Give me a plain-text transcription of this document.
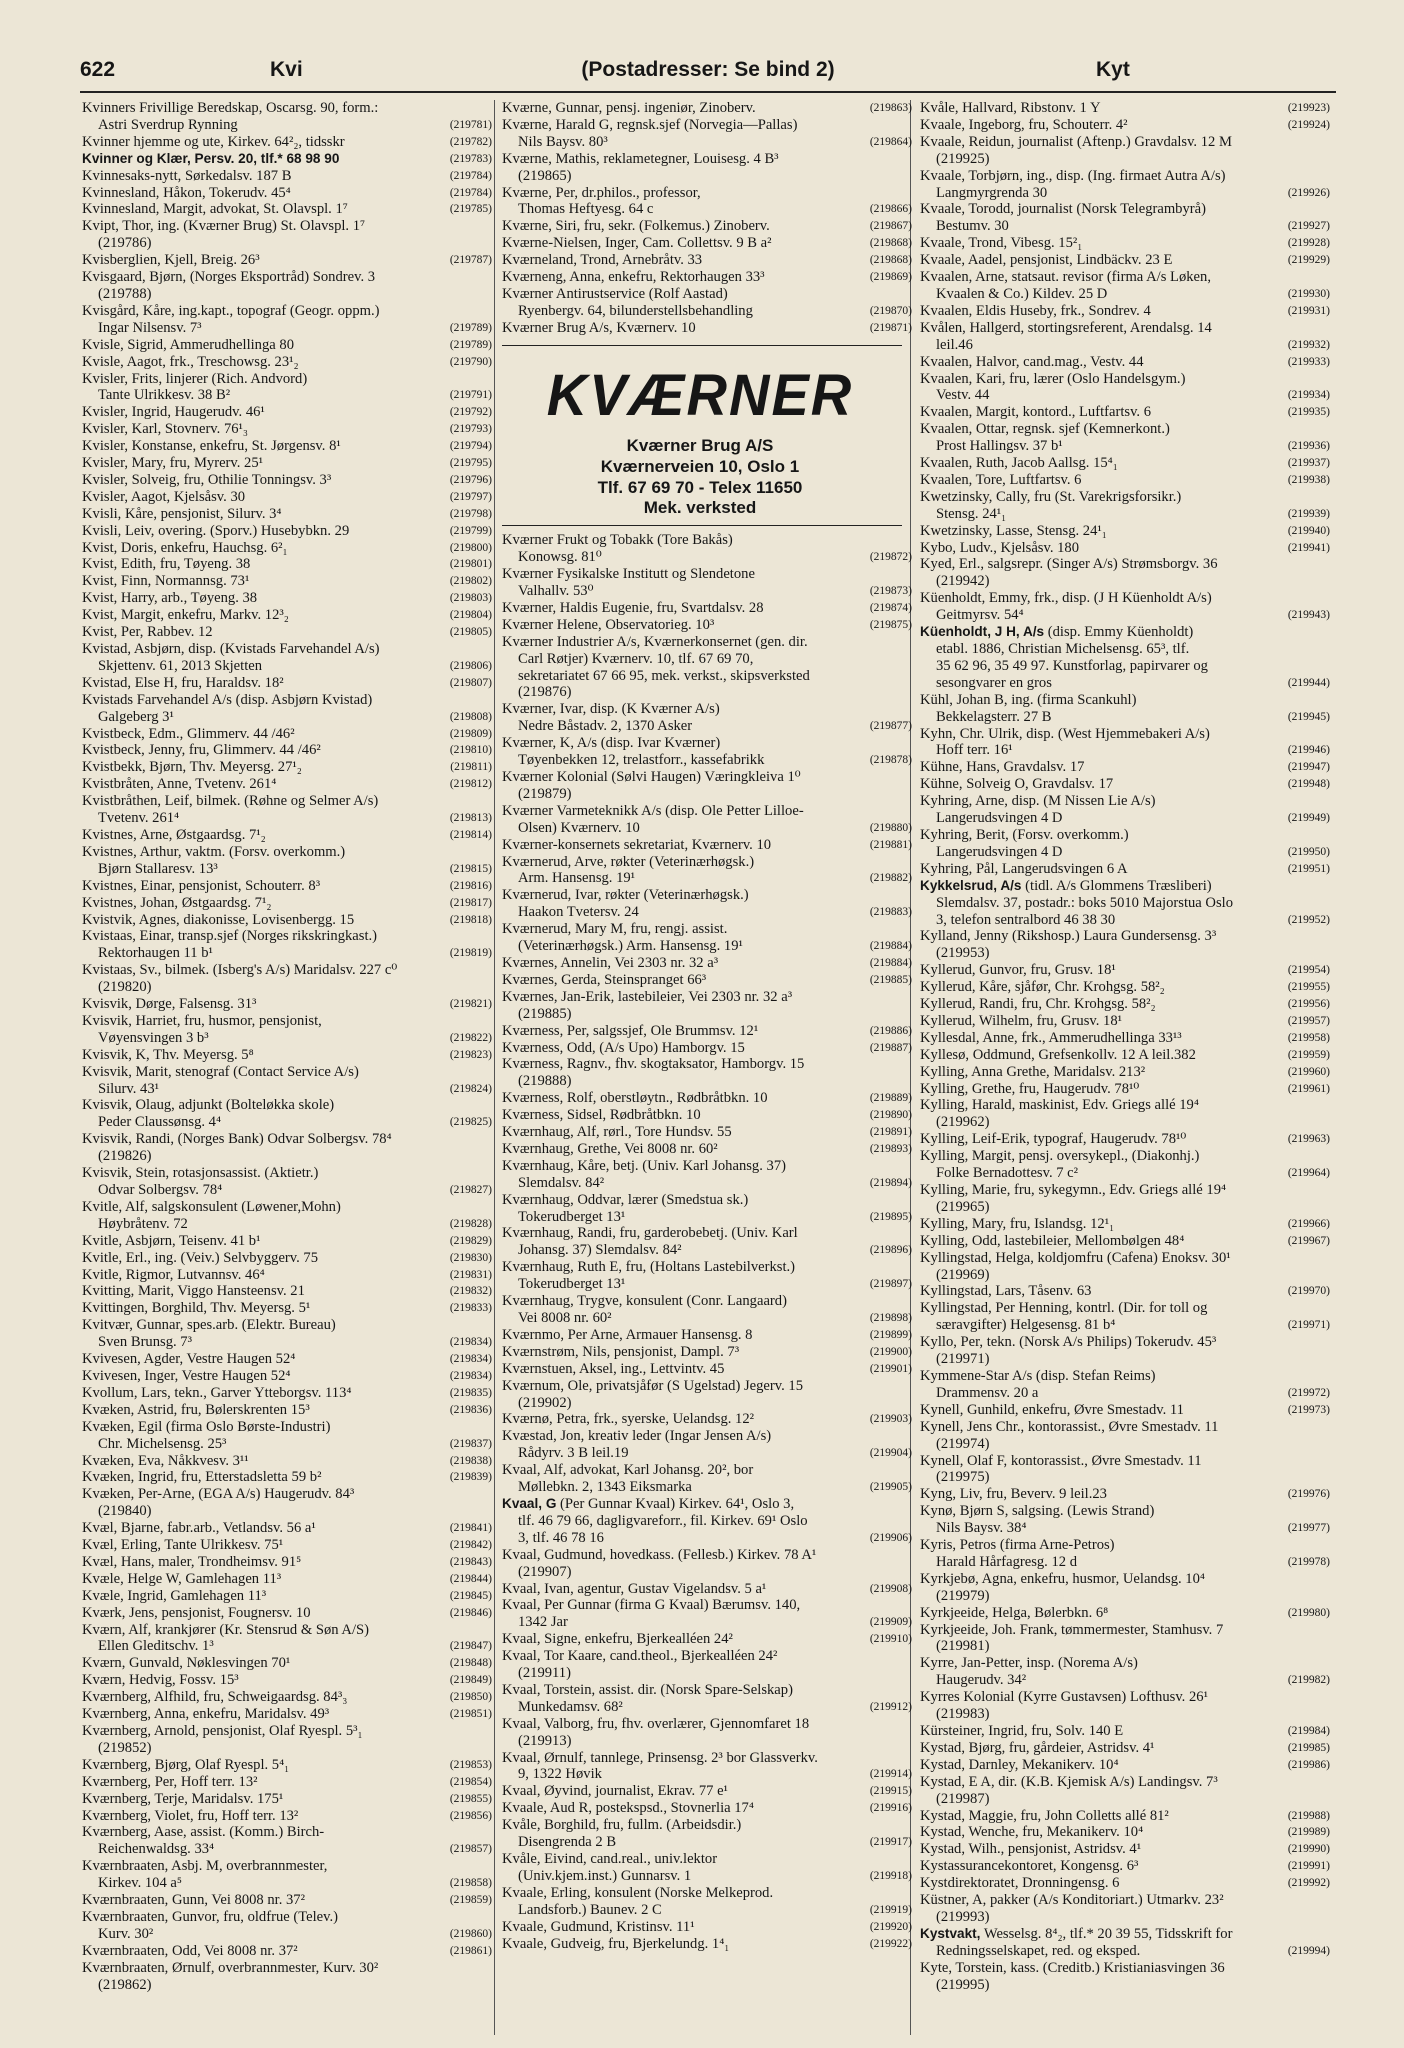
622	Kvi	(Postadresser: Se bind 2)	Kyt
Kvinners Frivillige Beredskap, Oscarsg. 90, form.:
Astri Sverdrup Rynning	(219781)
Kvinner hjemme og ute, Kirkev. 64²₂, tidsskr	(219782)
Kvinner og Klær, Persv. 20, tlf.* 68 98 90	(219783)
Kvinnesaks-nytt, Sørkedalsv. 187 B	(219784)
Kvinnesland, Håkon, Tokerudv. 45⁴	(219784)
Kvinnesland, Margit, advokat, St. Olavspl. 1⁷	(219785)
Kvipt, Thor, ing. (Kværner Brug) St. Olavspl. 1⁷
(219786)
Kvisberglien, Kjell, Breig. 26³	(219787)
Kvisgaard, Bjørn, (Norges Eksportråd) Sondrev. 3
(219788)
Kvisgård, Kåre, ing.kapt., topograf (Geogr. oppm.)
Ingar Nilsensv. 7³	(219789)
Kvisle, Sigrid, Ammerudhellinga 80	(219789)
Kvisle, Aagot, frk., Treschowsg. 23¹₂	(219790)
Kvisler, Frits, linjerer (Rich. Andvord)
Tante Ulrikkesv. 38 B²	(219791)
Kvisler, Ingrid, Haugerudv. 46¹	(219792)
Kvisler, Karl, Stovnerv. 76¹₃	(219793)
Kvisler, Konstanse, enkefru, St. Jørgensv. 8¹	(219794)
Kvisler, Mary, fru, Myrerv. 25¹	(219795)
Kvisler, Solveig, fru, Othilie Tonningsv. 3³	(219796)
Kvisler, Aagot, Kjelsåsv. 30	(219797)
Kvisli, Kåre, pensjonist, Silurv. 3⁴	(219798)
Kvisli, Leiv, overing. (Sporv.) Husebybkn. 29	(219799)
Kvist, Doris, enkefru, Hauchsg. 6²₁	(219800)
Kvist, Edith, fru, Tøyeng. 38	(219801)
Kvist, Finn, Normannsg. 73¹	(219802)
Kvist, Harry, arb., Tøyeng. 38	(219803)
Kvist, Margit, enkefru, Markv. 12³₂	(219804)
Kvist, Per, Rabbev. 12	(219805)
Kvistad, Asbjørn, disp. (Kvistads Farvehandel A/s)
Skjettenv. 61, 2013 Skjetten	(219806)
Kvistad, Else H, fru, Haraldsv. 18²	(219807)
Kvistads Farvehandel A/s (disp. Asbjørn Kvistad)
Galgeberg 3¹	(219808)
Kvistbeck, Edm., Glimmerv. 44 /46²	(219809)
Kvistbeck, Jenny, fru, Glimmerv. 44 /46²	(219810)
Kvistbekk, Bjørn, Thv. Meyersg. 27¹₂	(219811)
Kvistbråten, Anne, Tvetenv. 261⁴	(219812)
Kvistbråthen, Leif, bilmek. (Røhne og Selmer A/s)
Tvetenv. 261⁴	(219813)
Kvistnes, Arne, Østgaardsg. 7¹₂	(219814)
Kvistnes, Arthur, vaktm. (Forsv. overkomm.)
Bjørn Stallaresv. 13³	(219815)
Kvistnes, Einar, pensjonist, Schouterr. 8³	(219816)
Kvistnes, Johan, Østgaardsg. 7¹₂	(219817)
Kvistvik, Agnes, diakonisse, Lovisenbergg. 15	(219818)
Kvistaas, Einar, transp.sjef (Norges rikskringkast.)
Rektorhaugen 11 b¹	(219819)
Kvistaas, Sv., bilmek. (Isberg's A/s) Maridalsv. 227 c⁰
(219820)
Kvisvik, Dørge, Falsensg. 31³	(219821)
Kvisvik, Harriet, fru, husmor, pensjonist,
Vøyensvingen 3 b³	(219822)
Kvisvik, K, Thv. Meyersg. 5⁸	(219823)
Kvisvik, Marit, stenograf (Contact Service A/s)
Silurv. 43¹	(219824)
Kvisvik, Olaug, adjunkt (Bolteløkka skole)
Peder Claussønsg. 4⁴	(219825)
Kvisvik, Randi, (Norges Bank) Odvar Solbergsv. 78⁴
(219826)
Kvisvik, Stein, rotasjonsassist. (Aktietr.)
Odvar Solbergsv. 78⁴	(219827)
Kvitle, Alf, salgskonsulent (Løwener,Mohn)
Høybråtenv. 72	(219828)
Kvitle, Asbjørn, Teisenv. 41 b¹	(219829)
Kvitle, Erl., ing. (Veiv.) Selvbyggerv. 75	(219830)
Kvitle, Rigmor, Lutvannsv. 46⁴	(219831)
Kvitting, Marit, Viggo Hansteensv. 21	(219832)
Kvittingen, Borghild, Thv. Meyersg. 5¹	(219833)
Kvitvær, Gunnar, spes.arb. (Elektr. Bureau)
Sven Brunsg. 7³	(219834)
Kvivesen, Agder, Vestre Haugen 52⁴	(219834)
Kvivesen, Inger, Vestre Haugen 52⁴	(219834)
Kvollum, Lars, tekn., Garver Ytteborgsv. 113⁴	(219835)
Kvæken, Astrid, fru, Bølerskrenten 15³	(219836)
Kvæken, Egil (firma Oslo Børste-Industri)
Chr. Michelsensg. 25³	(219837)
Kvæken, Eva, Nåkkvesv. 3¹¹	(219838)
Kvæken, Ingrid, fru, Etterstadsletta 59 b²	(219839)
Kvæken, Per-Arne, (EGA A/s) Haugerudv. 84³
(219840)
Kvæl, Bjarne, fabr.arb., Vetlandsv. 56 a¹	(219841)
Kvæl, Erling, Tante Ulrikkesv. 75¹	(219842)
Kvæl, Hans, maler, Trondheimsv. 91⁵	(219843)
Kvæle, Helge W, Gamlehagen 11³	(219844)
Kvæle, Ingrid, Gamlehagen 11³	(219845)
Kværk, Jens, pensjonist, Fougnersv. 10	(219846)
Kværn, Alf, krankjører (Kr. Stensrud & Søn A/S)
Ellen Gleditschv. 1³	(219847)
Kværn, Gunvald, Nøklesvingen 70¹	(219848)
Kværn, Hedvig, Fossv. 15³	(219849)
Kværnberg, Alfhild, fru, Schweigaardsg. 84³₃	(219850)
Kværnberg, Anna, enkefru, Maridalsv. 49³	(219851)
Kværnberg, Arnold, pensjonist, Olaf Ryespl. 5³₁
(219852)
Kværnberg, Bjørg, Olaf Ryespl. 5⁴₁	(219853)
Kværnberg, Per, Hoff terr. 13²	(219854)
Kværnberg, Terje, Maridalsv. 175¹	(219855)
Kværnberg, Violet, fru, Hoff terr. 13²	(219856)
Kværnberg, Aase, assist. (Komm.) Birch-
Reichenwaldsg. 33⁴	(219857)
Kværnbraaten, Asbj. M, overbrannmester,
Kirkev. 104 a⁵	(219858)
Kværnbraaten, Gunn, Vei 8008 nr. 37²	(219859)
Kværnbraaten, Gunvor, fru, oldfrue (Telev.)
Kurv. 30²	(219860)
Kværnbraaten, Odd, Vei 8008 nr. 37²	(219861)
Kværnbraaten, Ørnulf, overbrannmester, Kurv. 30²
(219862)
Kværne, Gunnar, pensj. ingeniør, Zinoberv.	(219863)
Kværne, Harald G, regnsk.sjef (Norvegia—Pallas)
Nils Baysv. 80³	(219864)
Kværne, Mathis, reklametegner, Louisesg. 4 B³
(219865)
Kværne, Per, dr.philos., professor,
Thomas Heftyesg. 64 c	(219866)
Kværne, Siri, fru, sekr. (Folkemus.) Zinoberv.	(219867)
Kværne-Nielsen, Inger, Cam. Collettsv. 9 B a²	(219868)
Kværneland, Trond, Arnebråtv. 33	(219868)
Kværneng, Anna, enkefru, Rektorhaugen 33³	(219869)
Kværner Antirustservice (Rolf Aastad)
Ryenbergv. 64, bilunderstellsbehandling	(219870)
Kværner Brug A/s, Kværnerv. 10	(219871)
KVÆRNER
Kværner Brug A/S
Kværnerveien 10, Oslo 1
Tlf. 67 69 70 - Telex 11650
Mek. verksted
Kværner Frukt og Tobakk (Tore Bakås)
Konowsg. 81⁰	(219872)
Kværner Fysikalske Institutt og Slendetone
Valhallv. 53⁰	(219873)
Kværner, Haldis Eugenie, fru, Svartdalsv. 28	(219874)
Kværner Helene, Observatorieg. 10³	(219875)
Kværner Industrier A/s, Kværnerkonsernet (gen. dir.
Carl Røtjer) Kværnerv. 10, tlf. 67 69 70,
sekretariatet 67 66 95, mek. verkst., skipsverksted
(219876)
Kværner, Ivar, disp. (K Kværner A/s)
Nedre Båstadv. 2, 1370 Asker	(219877)
Kværner, K, A/s (disp. Ivar Kværner)
Tøyenbekken 12, trelastforr., kassefabrikk	(219878)
Kværner Kolonial (Sølvi Haugen) Væringkleiva 1⁰
(219879)
Kværner Varmeteknikk A/s (disp. Ole Petter Lilloe-
Olsen) Kværnerv. 10	(219880)
Kværner-konsernets sekretariat, Kværnerv. 10	(219881)
Kværnerud, Arve, røkter (Veterinærhøgsk.)
Arm. Hansensg. 19¹	(219882)
Kværnerud, Ivar, røkter (Veterinærhøgsk.)
Haakon Tvetersv. 24	(219883)
Kværnerud, Mary M, fru, rengj. assist.
(Veterinærhøgsk.) Arm. Hansensg. 19¹	(219884)
Kværnes, Annelin, Vei 2303 nr. 32 a³	(219884)
Kværnes, Gerda, Steinspranget 66³	(219885)
Kværnes, Jan-Erik, lastebileier, Vei 2303 nr. 32 a³
(219885)
Kværness, Per, salgssjef, Ole Brummsv. 12¹	(219886)
Kværness, Odd, (A/s Upo) Hamborgv. 15	(219887)
Kværness, Ragnv., fhv. skogtaksator, Hamborgv. 15
(219888)
Kværness, Rolf, oberstløytn., Rødbråtbkn. 10	(219889)
Kværness, Sidsel, Rødbråtbkn. 10	(219890)
Kværnhaug, Alf, rørl., Tore Hundsv. 55	(219891)
Kværnhaug, Grethe, Vei 8008 nr. 60²	(219893)
Kværnhaug, Kåre, betj. (Univ. Karl Johansg. 37)
Slemdalsv. 84²	(219894)
Kværnhaug, Oddvar, lærer (Smedstua sk.)
Tokerudberget 13¹	(219895)
Kværnhaug, Randi, fru, garderobebetj. (Univ. Karl
Johansg. 37) Slemdalsv. 84²	(219896)
Kværnhaug, Ruth E, fru, (Holtans Lastebilverkst.)
Tokerudberget 13¹	(219897)
Kværnhaug, Trygve, konsulent (Conr. Langaard)
Vei 8008 nr. 60²	(219898)
Kværnmo, Per Arne, Armauer Hansensg. 8	(219899)
Kværnstrøm, Nils, pensjonist, Dampl. 7³	(219900)
Kværnstuen, Aksel, ing., Lettvintv. 45	(219901)
Kværnum, Ole, privatsjåfør (S Ugelstad) Jegerv. 15
(219902)
Kværnø, Petra, frk., syerske, Uelandsg. 12²	(219903)
Kvæstad, Jon, kreativ leder (Ingar Jensen A/s)
Rådyrv. 3 B leil.19	(219904)
Kvaal, Alf, advokat, Karl Johansg. 20², bor
Møllebkn. 2, 1343 Eiksmarka	(219905)
Kvaal, G (Per Gunnar Kvaal) Kirkev. 64¹, Oslo 3,
tlf. 46 79 66, dagligvareforr., fil. Kirkev. 69¹ Oslo
3, tlf. 46 78 16	(219906)
Kvaal, Gudmund, hovedkass. (Fellesb.) Kirkev. 78 A¹
(219907)
Kvaal, Ivan, agentur, Gustav Vigelandsv. 5 a¹	(219908)
Kvaal, Per Gunnar (firma G Kvaal) Bærumsv. 140,
1342 Jar	(219909)
Kvaal, Signe, enkefru, Bjerkealléen 24²	(219910)
Kvaal, Tor Kaare, cand.theol., Bjerkealléen 24²
(219911)
Kvaal, Torstein, assist. dir. (Norsk Spare-Selskap)
Munkedamsv. 68²	(219912)
Kvaal, Valborg, fru, fhv. overlærer, Gjennomfaret 18
(219913)
Kvaal, Ørnulf, tannlege, Prinsensg. 2³ bor Glassverkv.
9, 1322 Høvik	(219914)
Kvaal, Øyvind, journalist, Ekrav. 77 e¹	(219915)
Kvaale, Aud R, postekspsd., Stovnerlia 17⁴	(219916)
Kvåle, Borghild, fru, fullm. (Arbeidsdir.)
Disengrenda 2 B	(219917)
Kvåle, Eivind, cand.real., univ.lektor
(Univ.kjem.inst.) Gunnarsv. 1	(219918)
Kvaale, Erling, konsulent (Norske Melkeprod.
Landsforb.) Baunev. 2 C	(219919)
Kvaale, Gudmund, Kristinsv. 11¹	(219920)
Kvaale, Gudveig, fru, Bjerkelundg. 1⁴₁	(219922)
Kvåle, Hallvard, Ribstonv. 1 Y	(219923)
Kvaale, Ingeborg, fru, Schouterr. 4²	(219924)
Kvaale, Reidun, journalist (Aftenp.) Gravdalsv. 12 M
(219925)
Kvaale, Torbjørn, ing., disp. (Ing. firmaet Autra A/s)
Langmyrgrenda 30	(219926)
Kvaale, Torodd, journalist (Norsk Telegrambyrå)
Bestumv. 30	(219927)
Kvaale, Trond, Vibesg. 15²₁	(219928)
Kvaale, Aadel, pensjonist, Lindbäckv. 23 E	(219929)
Kvaalen, Arne, statsaut. revisor (firma A/s Løken,
Kvaalen & Co.) Kildev. 25 D	(219930)
Kvaalen, Eldis Huseby, frk., Sondrev. 4	(219931)
Kvålen, Hallgerd, stortingsreferent, Arendalsg. 14
leil.46	(219932)
Kvaalen, Halvor, cand.mag., Vestv. 44	(219933)
Kvaalen, Kari, fru, lærer (Oslo Handelsgym.)
Vestv. 44	(219934)
Kvaalen, Margit, kontord., Luftfartsv. 6	(219935)
Kvaalen, Ottar, regnsk. sjef (Kemnerkont.)
Prost Hallingsv. 37 b¹	(219936)
Kvaalen, Ruth, Jacob Aallsg. 15⁴₁	(219937)
Kvaalen, Tore, Luftfartsv. 6	(219938)
Kwetzinsky, Cally, fru (St. Varekrigsforsikr.)
Stensg. 24¹₁	(219939)
Kwetzinsky, Lasse, Stensg. 24¹₁	(219940)
Kybo, Ludv., Kjelsåsv. 180	(219941)
Kyed, Erl., salgsrepr. (Singer A/s) Strømsborgv. 36
(219942)
Küenholdt, Emmy, frk., disp. (J H Küenholdt A/s)
Geitmyrsv. 54⁴	(219943)
Küenholdt, J H, A/s (disp. Emmy Küenholdt)
etabl. 1886, Christian Michelsensg. 65³, tlf.
35 62 96, 35 49 97. Kunstforlag, papirvarer og
sesongvarer en gros	(219944)
Kühl, Johan B, ing. (firma Scankuhl)
Bekkelagsterr. 27 B	(219945)
Kyhn, Chr. Ulrik, disp. (West Hjemmebakeri A/s)
Hoff terr. 16¹	(219946)
Kühne, Hans, Gravdalsv. 17	(219947)
Kühne, Solveig O, Gravdalsv. 17	(219948)
Kyhring, Arne, disp. (M Nissen Lie A/s)
Langerudsvingen 4 D	(219949)
Kyhring, Berit, (Forsv. overkomm.)
Langerudsvingen 4 D	(219950)
Kyhring, Pål, Langerudsvingen 6 A	(219951)
Kykkelsrud, A/s (tidl. A/s Glommens Træsliberi)
Slemdalsv. 37, postadr.: boks 5010 Majorstua Oslo
3, telefon sentralbord 46 38 30	(219952)
Kylland, Jenny (Rikshosp.) Laura Gundersensg. 3³
(219953)
Kyllerud, Gunvor, fru, Grusv. 18¹	(219954)
Kyllerud, Kåre, sjåfør, Chr. Krohgsg. 58²₂	(219955)
Kyllerud, Randi, fru, Chr. Krohgsg. 58²₂	(219956)
Kyllerud, Wilhelm, fru, Grusv. 18¹	(219957)
Kyllesdal, Anne, frk., Ammerudhellinga 33¹³	(219958)
Kyllesø, Oddmund, Grefsenkollv. 12 A leil.382	(219959)
Kylling, Anna Grethe, Maridalsv. 213²	(219960)
Kylling, Grethe, fru, Haugerudv. 78¹⁰	(219961)
Kylling, Harald, maskinist, Edv. Griegs allé 19⁴
(219962)
Kylling, Leif-Erik, typograf, Haugerudv. 78¹⁰	(219963)
Kylling, Margit, pensj. oversykepl., (Diakonhj.)
Folke Bernadottesv. 7 c²	(219964)
Kylling, Marie, fru, sykegymn., Edv. Griegs allé 19⁴
(219965)
Kylling, Mary, fru, Islandsg. 12¹₁	(219966)
Kylling, Odd, lastebileier, Mellombølgen 48⁴	(219967)
Kyllingstad, Helga, koldjomfru (Cafena) Enoksv. 30¹
(219969)
Kyllingstad, Lars, Tåsenv. 63	(219970)
Kyllingstad, Per Henning, kontrl. (Dir. for toll og
særavgifter) Helgesensg. 81 b⁴	(219971)
Kyllo, Per, tekn. (Norsk A/s Philips) Tokerudv. 45³
(219971)
Kymmene-Star A/s (disp. Stefan Reims)
Drammensv. 20 a	(219972)
Kynell, Gunhild, enkefru, Øvre Smestadv. 11	(219973)
Kynell, Jens Chr., kontorassist., Øvre Smestadv. 11
(219974)
Kynell, Olaf F, kontorassist., Øvre Smestadv. 11
(219975)
Kyng, Liv, fru, Beverv. 9 leil.23	(219976)
Kynø, Bjørn S, salgsing. (Lewis Strand)
Nils Baysv. 38⁴	(219977)
Kyris, Petros (firma Arne-Petros)
Harald Hårfagresg. 12 d	(219978)
Kyrkjebø, Agna, enkefru, husmor, Uelandsg. 10⁴
(219979)
Kyrkjeeide, Helga, Bølerbkn. 6⁸	(219980)
Kyrkjeeide, Joh. Frank, tømmermester, Stamhusv. 7
(219981)
Kyrre, Jan-Petter, insp. (Norema A/s)
Haugerudv. 34²	(219982)
Kyrres Kolonial (Kyrre Gustavsen) Lofthusv. 26¹
(219983)
Kürsteiner, Ingrid, fru, Solv. 140 E	(219984)
Kystad, Bjørg, fru, gårdeier, Astridsv. 4¹	(219985)
Kystad, Darnley, Mekanikerv. 10⁴	(219986)
Kystad, E A, dir. (K.B. Kjemisk A/s) Landingsv. 7³
(219987)
Kystad, Maggie, fru, John Colletts allé 81²	(219988)
Kystad, Wenche, fru, Mekanikerv. 10⁴	(219989)
Kystad, Wilh., pensjonist, Astridsv. 4¹	(219990)
Kystassurancekontoret, Kongensg. 6³	(219991)
Kystdirektoratet, Dronningensg. 6	(219992)
Küstner, A, pakker (A/s Konditoriart.) Utmarkv. 23²
(219993)
Kystvakt, Wesselsg. 8⁴₂, tlf.* 20 39 55, Tidsskrift for
Redningsselskapet, red. og eksped.	(219994)
Kyte, Torstein, kass. (Creditb.) Kristianiasvingen 36
(219995)
